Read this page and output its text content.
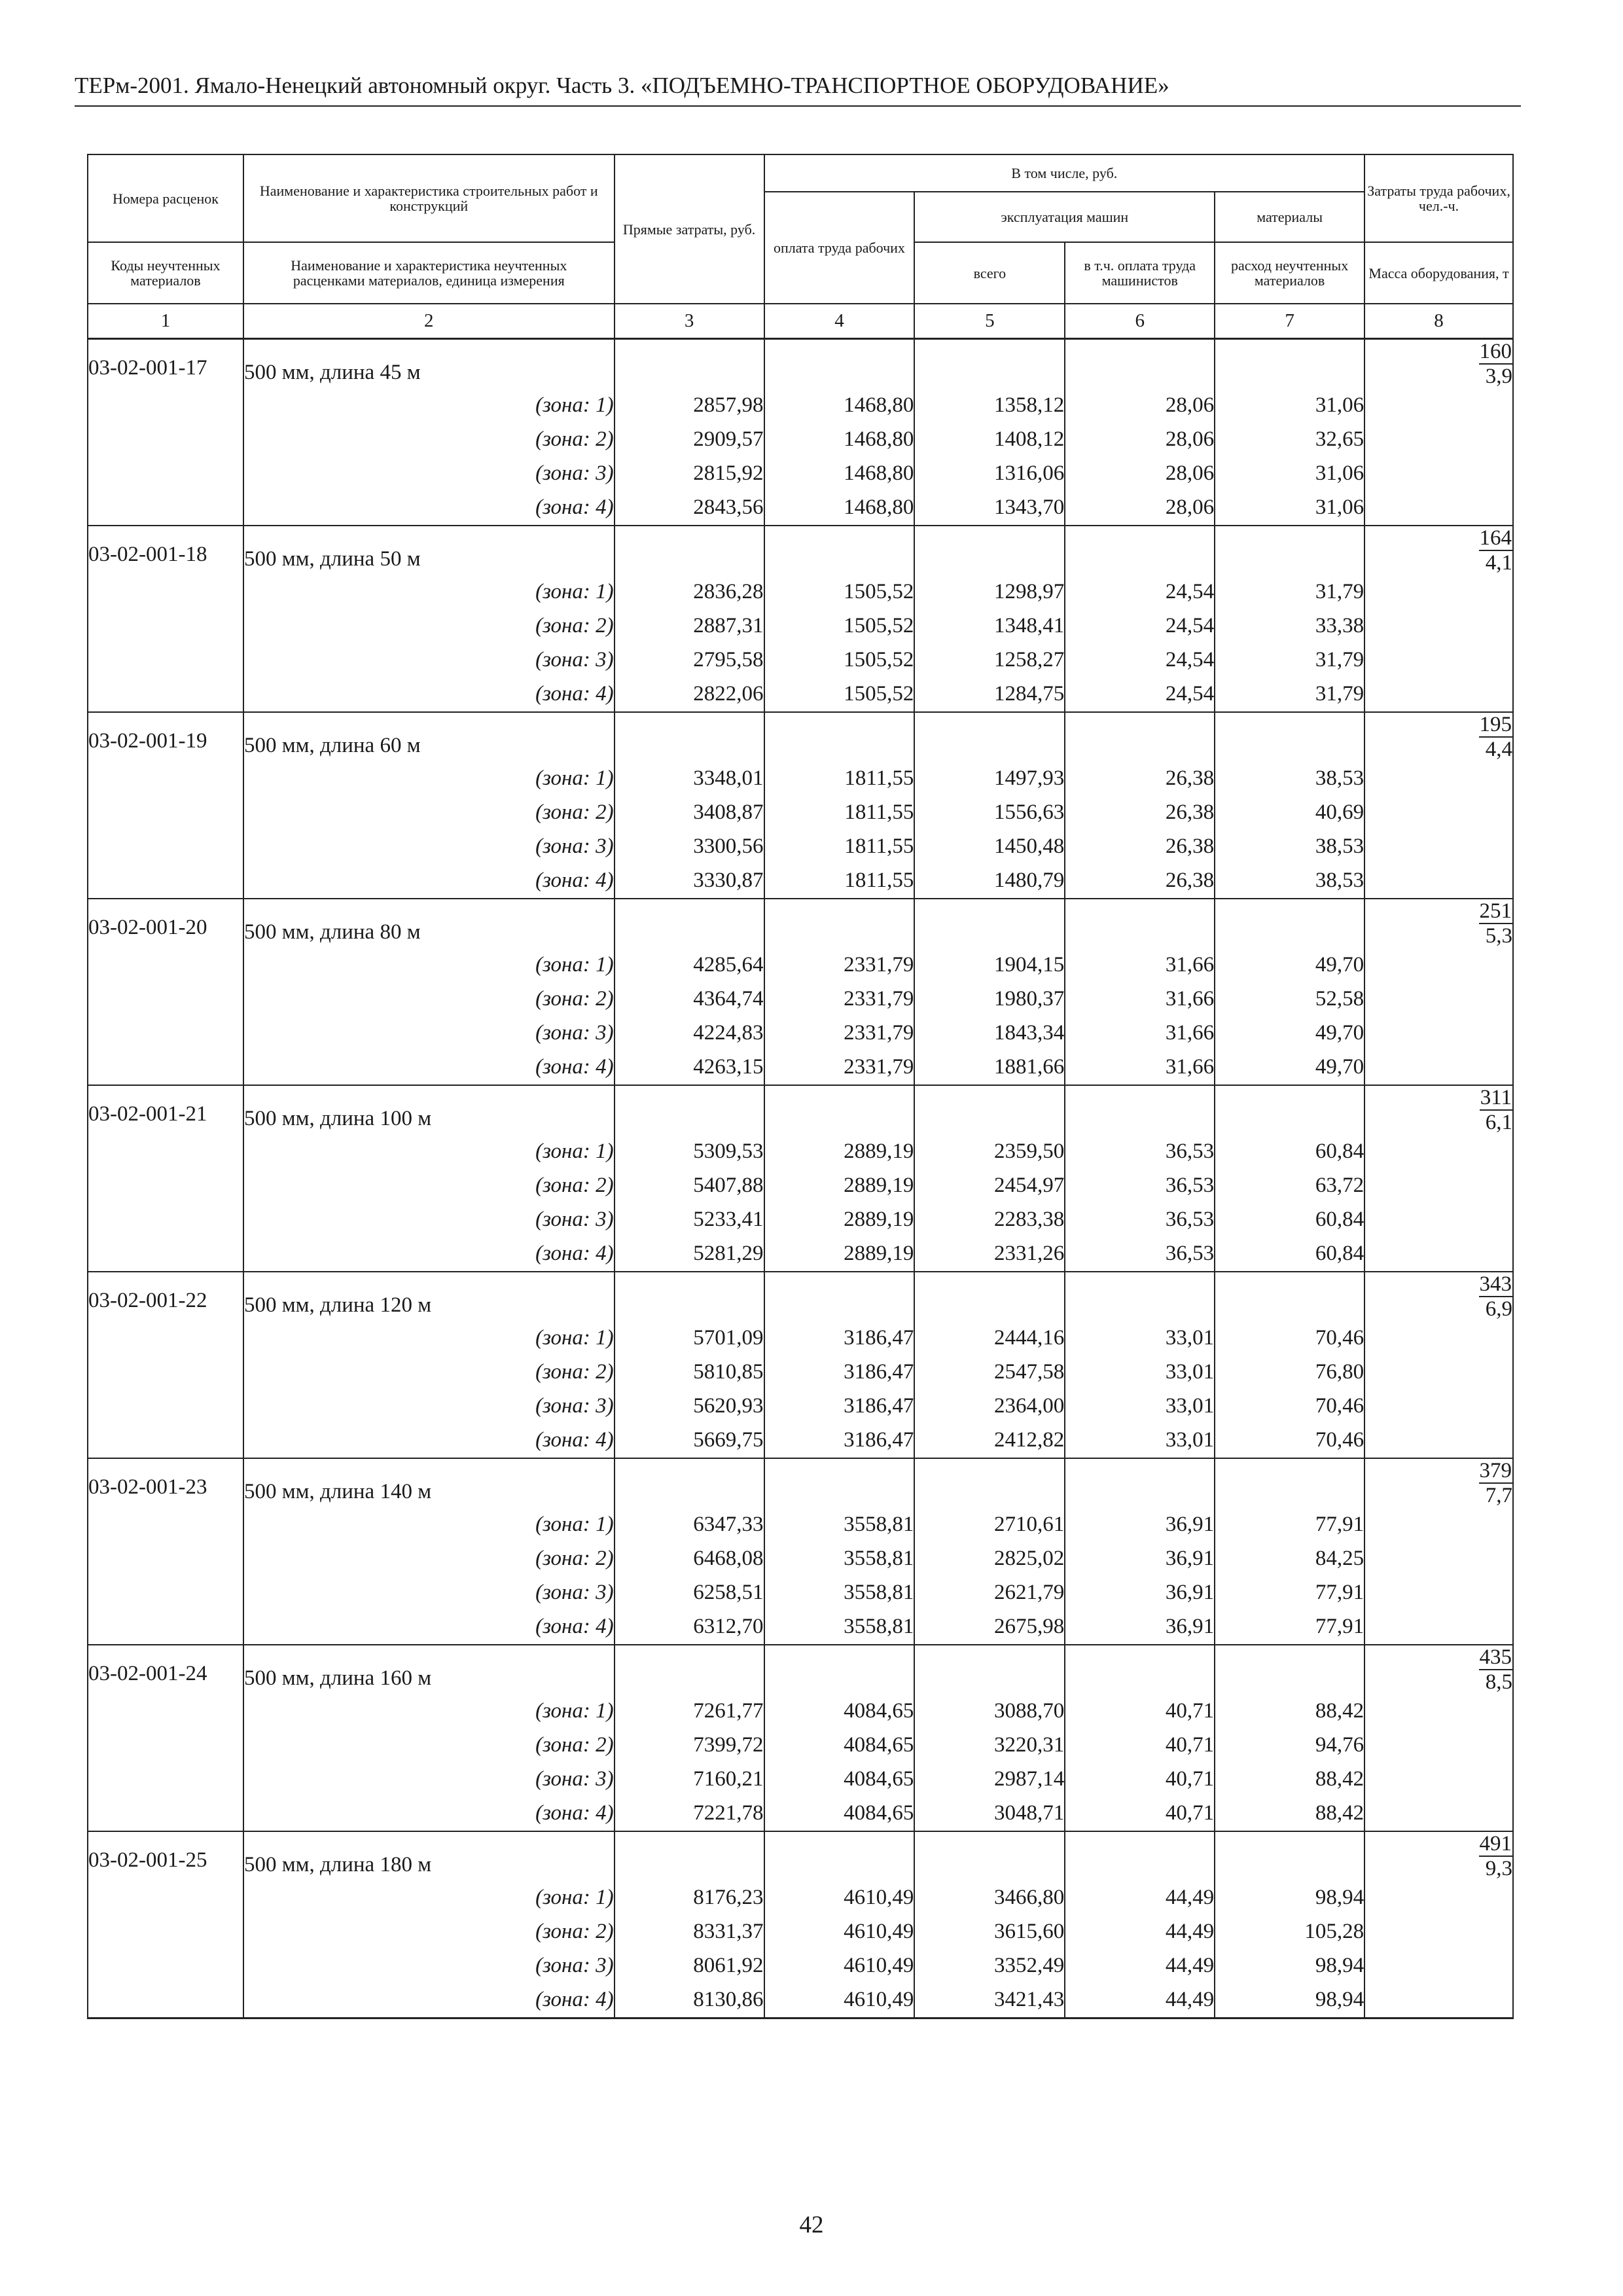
ТЕРм-2001. Ямало-Ненецкий автономный округ. Часть 3. «ПОДЪЕМНО-ТРАНСПОРТНОЕ ОБОРУДОВАНИЕ»
Номера расценок	Наименование и характеристика строительных работ и конструкций	Прямые затраты, руб.	В том числе, руб.				Затраты труда рабочих, чел.-ч.
			оплата труда рабочих	эксплуатация машин		материалы	
Коды неучтенных материалов	Наименование и характеристика неучтенных расценками материалов, единица измерения			всего	в т.ч. оплата труда машинистов	расход неучтенных материалов	Масса оборудования, т
1	2	3	4	5	6	7	8
03-02-001-17	500 мм, длина 45 м						$\frac{160}{3,9}$

	(зона: 1)	2857,98	1468,80	1358,12	28,06	31,06	
	(зона: 2)	2909,57	1468,80	1408,12	28,06	32,65	
	(зона: 3)	2815,92	1468,80	1316,06	28,06	31,06	
	(зона: 4)	2843,56	1468,80	1343,70	28,06	31,06	
03-02-001-18	500 мм, длина 50 м						$\frac{164}{4,1}$

	(зона: 1)	2836,28	1505,52	1298,97	24,54	31,79	
	(зона: 2)	2887,31	1505,52	1348,41	24,54	33,38	
	(зона: 3)	2795,58	1505,52	1258,27	24,54	31,79	
	(зона: 4)	2822,06	1505,52	1284,75	24,54	31,79	
03-02-001-19	500 мм, длина 60 м						$\frac{195}{4,4}$

	(зона: 1)	3348,01	1811,55	1497,93	26,38	38,53	
	(зона: 2)	3408,87	1811,55	1556,63	26,38	40,69	
	(зона: 3)	3300,56	1811,55	1450,48	26,38	38,53	
	(зона: 4)	3330,87	1811,55	1480,79	26,38	38,53	
03-02-001-20	500 мм, длина 80 м						$\frac{251}{5,3}$

	(зона: 1)	4285,64	2331,79	1904,15	31,66	49,70	
	(зона: 2)	4364,74	2331,79	1980,37	31,66	52,58	
	(зона: 3)	4224,83	2331,79	1843,34	31,66	49,70	
	(зона: 4)	4263,15	2331,79	1881,66	31,66	49,70	
03-02-001-21	500 мм, длина 100 м						$\frac{311}{6,1}$

	(зона: 1)	5309,53	2889,19	2359,50	36,53	60,84	
	(зона: 2)	5407,88	2889,19	2454,97	36,53	63,72	
	(зона: 3)	5233,41	2889,19	2283,38	36,53	60,84	
	(зона: 4)	5281,29	2889,19	2331,26	36,53	60,84	
03-02-001-22	500 мм, длина 120 м						$\frac{343}{6,9}$

	(зона: 1)	5701,09	3186,47	2444,16	33,01	70,46	
	(зона: 2)	5810,85	3186,47	2547,58	33,01	76,80	
	(зона: 3)	5620,93	3186,47	2364,00	33,01	70,46	
	(зона: 4)	5669,75	3186,47	2412,82	33,01	70,46	
03-02-001-23	500 мм, длина 140 м						$\frac{379}{7,7}$

	(зона: 1)	6347,33	3558,81	2710,61	36,91	77,91	
	(зона: 2)	6468,08	3558,81	2825,02	36,91	84,25	
	(зона: 3)	6258,51	3558,81	2621,79	36,91	77,91	
	(зона: 4)	6312,70	3558,81	2675,98	36,91	77,91	
03-02-001-24	500 мм, длина 160 м						$\frac{435}{8,5}$

	(зона: 1)	7261,77	4084,65	3088,70	40,71	88,42	
	(зона: 2)	7399,72	4084,65	3220,31	40,71	94,76	
	(зона: 3)	7160,21	4084,65	2987,14	40,71	88,42	
	(зона: 4)	7221,78	4084,65	3048,71	40,71	88,42	
03-02-001-25	500 мм, длина 180 м						$\frac{491}{9,3}$

	(зона: 1)	8176,23	4610,49	3466,80	44,49	98,94	
	(зона: 2)	8331,37	4610,49	3615,60	44,49	105,28	
	(зона: 3)	8061,92	4610,49	3352,49	44,49	98,94	
	(зона: 4)	8130,86	4610,49	3421,43	44,49	98,94	
42
